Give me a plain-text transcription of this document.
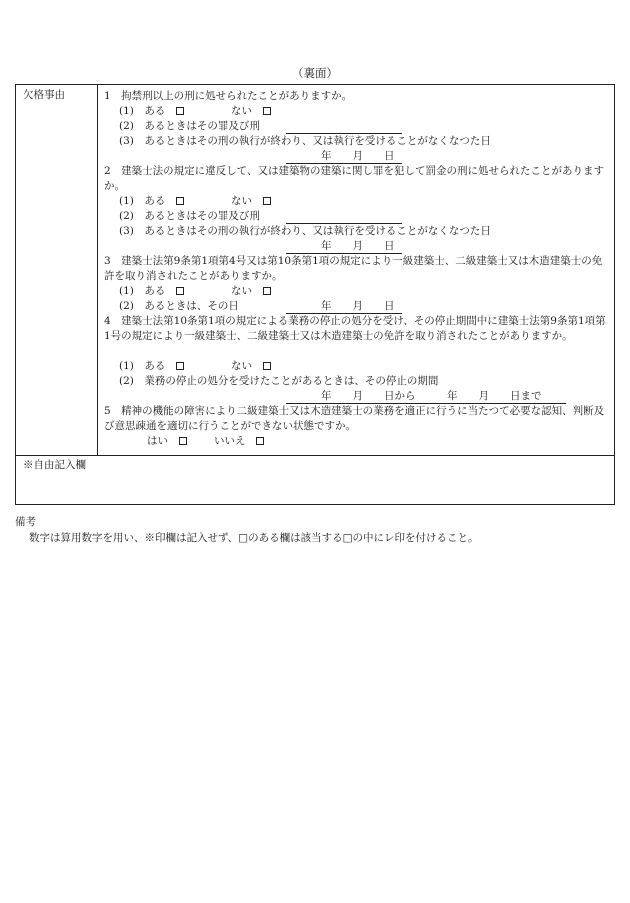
（裏面）
欠格事由	1　拘禁刑以上の刑に処せられたことがありますか。
(1)　ある　	ない　
(2)　あるときはその罪及び刑
(3)　あるときはその刑の執行が終わり、又は執行を受けることがなくなつた日
年　　月　　日
2　建築士法の規定に違反して、又は建築物の建築に関し罪を犯して罰金の刑に処せられたことがありますか。
(1)　ある　	ない　
(2)　あるときはその罪及び刑
(3)　あるときはその刑の執行が終わり、又は執行を受けることがなくなつた日
年　　月　　日
3　建築士法第9条第1項第4号又は第10条第1項の規定により一級建築士、二級建築士又は木造建築士の免許を取り消されたことがありますか。
(1)　ある　	ない　
(2)　あるときは、その日	年　　月　　日
4　建築士法第10条第1項の規定による業務の停止の処分を受け、その停止期間中に建築士法第9条第1項第1号の規定により一級建築士、二級建築士又は木造建築士の免許を取り消されたことがありますか。
(1)　ある　	ない　
(2)　業務の停止の処分を受けたことがあるときは、その停止の期間
年　　月　　日から　　　年　　月　　日まで
5　精神の機能の障害により二級建築士又は木造建築士の業務を適正に行うに当たつて必要な認知、判断及び意思疎通を適切に行うことができない状態ですか。
はい　	いいえ　
※自由記入欄
備考
数字は算用数字を用い、※印欄は記入せず、□のある欄は該当する□の中にレ印を付けること。
